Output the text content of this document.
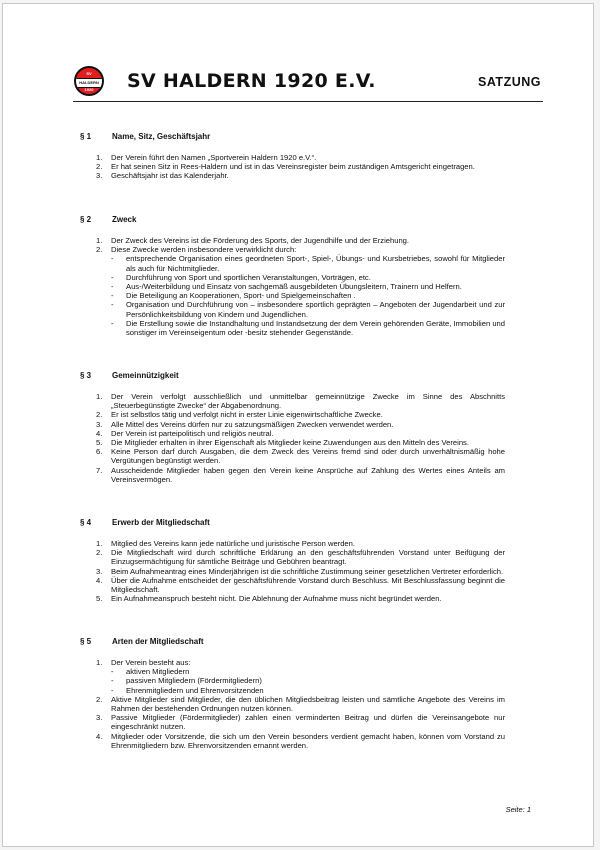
SV
HALDERN
1920	SV HALDERN 1920 E.V.	SATZUNG
§ 1	Name, Sitz, Geschäftsjahr
1. Der Verein führt den Namen „Sportverein Haldern 1920 e.V.“.
2. Er hat seinen Sitz in Rees-Haldern und ist in das Vereinsregister beim zuständigen Amtsgericht eingetragen.
3. Geschäftsjahr ist das Kalenderjahr.
§ 2	Zweck
1. Der Zweck des Vereins ist die Förderung des Sports, der Jugendhilfe und der Erziehung.
2. Diese Zwecke werden insbesondere verwirklicht durch:
- entsprechende Organisation eines geordneten Sport-, Spiel-, Übungs- und Kursbetriebes, sowohl für Mitglieder als auch für Nichtmitglieder.
- Durchführung von Sport und sportlichen Veranstaltungen, Vorträgen, etc.
- Aus-/Weiterbildung und Einsatz von sachgemäß ausgebildeten Übungsleitern, Trainern und Helfern.
- Die Beteiligung an Kooperationen, Sport- und Spielgemeinschaften .
- Organisation und Durchführung von – insbesondere sportlich geprägten – Angeboten der Jugendarbeit und zur Persönlichkeitsbildung von Kindern und Jugendlichen.
- Die Erstellung sowie die Instandhaltung und Instandsetzung der dem Verein gehörenden Geräte, Immobilien und sonstiger im Vereinseigentum oder -besitz stehender Gegenstände.
§ 3	Gemeinnützigkeit
1. Der Verein verfolgt ausschließlich und unmittelbar gemeinnützige Zwecke im Sinne des Abschnitts „Steuerbegünstigte Zwecke“ der Abgabenordnung.
2. Er ist selbstlos tätig und verfolgt nicht in erster Linie eigenwirtschaftliche Zwecke.
3. Alle Mittel des Vereins dürfen nur zu satzungsmäßigen Zwecken verwendet werden.
4. Der Verein ist parteipolitisch und religiös neutral.
5. Die Mitglieder erhalten in ihrer Eigenschaft als Mitglieder keine Zuwendungen aus den Mitteln des Vereins.
6. Keine Person darf durch Ausgaben, die dem Zweck des Vereins fremd sind oder durch unverhältnismäßig hohe Vergütungen begünstigt werden.
7. Ausscheidende Mitglieder haben gegen den Verein keine Ansprüche auf Zahlung des Wertes eines Anteils am Vereinsvermögen.
§ 4	Erwerb der Mitgliedschaft
1. Mitglied des Vereins kann jede natürliche und juristische Person werden.
2. Die Mitgliedschaft wird durch schriftliche Erklärung an den geschäftsführenden Vorstand unter Beifügung der Einzugsermächtigung für sämtliche Beiträge und Gebühren beantragt.
3. Beim Aufnahmeantrag eines Minderjährigen ist die schriftliche Zustimmung seiner gesetzlichen Vertreter erforderlich.
4. Über die Aufnahme entscheidet der geschäftsführende Vorstand durch Beschluss. Mit Beschlussfassung beginnt die Mitgliedschaft.
5. Ein Aufnahmeanspruch besteht nicht. Die Ablehnung der Aufnahme muss nicht begründet werden.
§ 5	Arten der Mitgliedschaft
1. Der Verein besteht aus:
- aktiven Mitgliedern
- passiven Mitgliedern (Fördermitgliedern)
- Ehrenmitgliedern und Ehrenvorsitzenden
2. Aktive Mitglieder sind Mitglieder, die den üblichen Mitgliedsbeitrag leisten und sämtliche Angebote des Vereins im Rahmen der bestehenden Ordnungen nutzen können.
3. Passive Mitglieder (Fördermitglieder) zahlen einen verminderten Beitrag und dürfen die Vereinsangebote nur eingeschränkt nutzen.
4. Mitglieder oder Vorsitzende, die sich um den Verein besonders verdient gemacht haben, können vom Vorstand zu Ehrenmitgliedern bzw. Ehrenvorsitzenden ernannt werden.
Seite: 1
